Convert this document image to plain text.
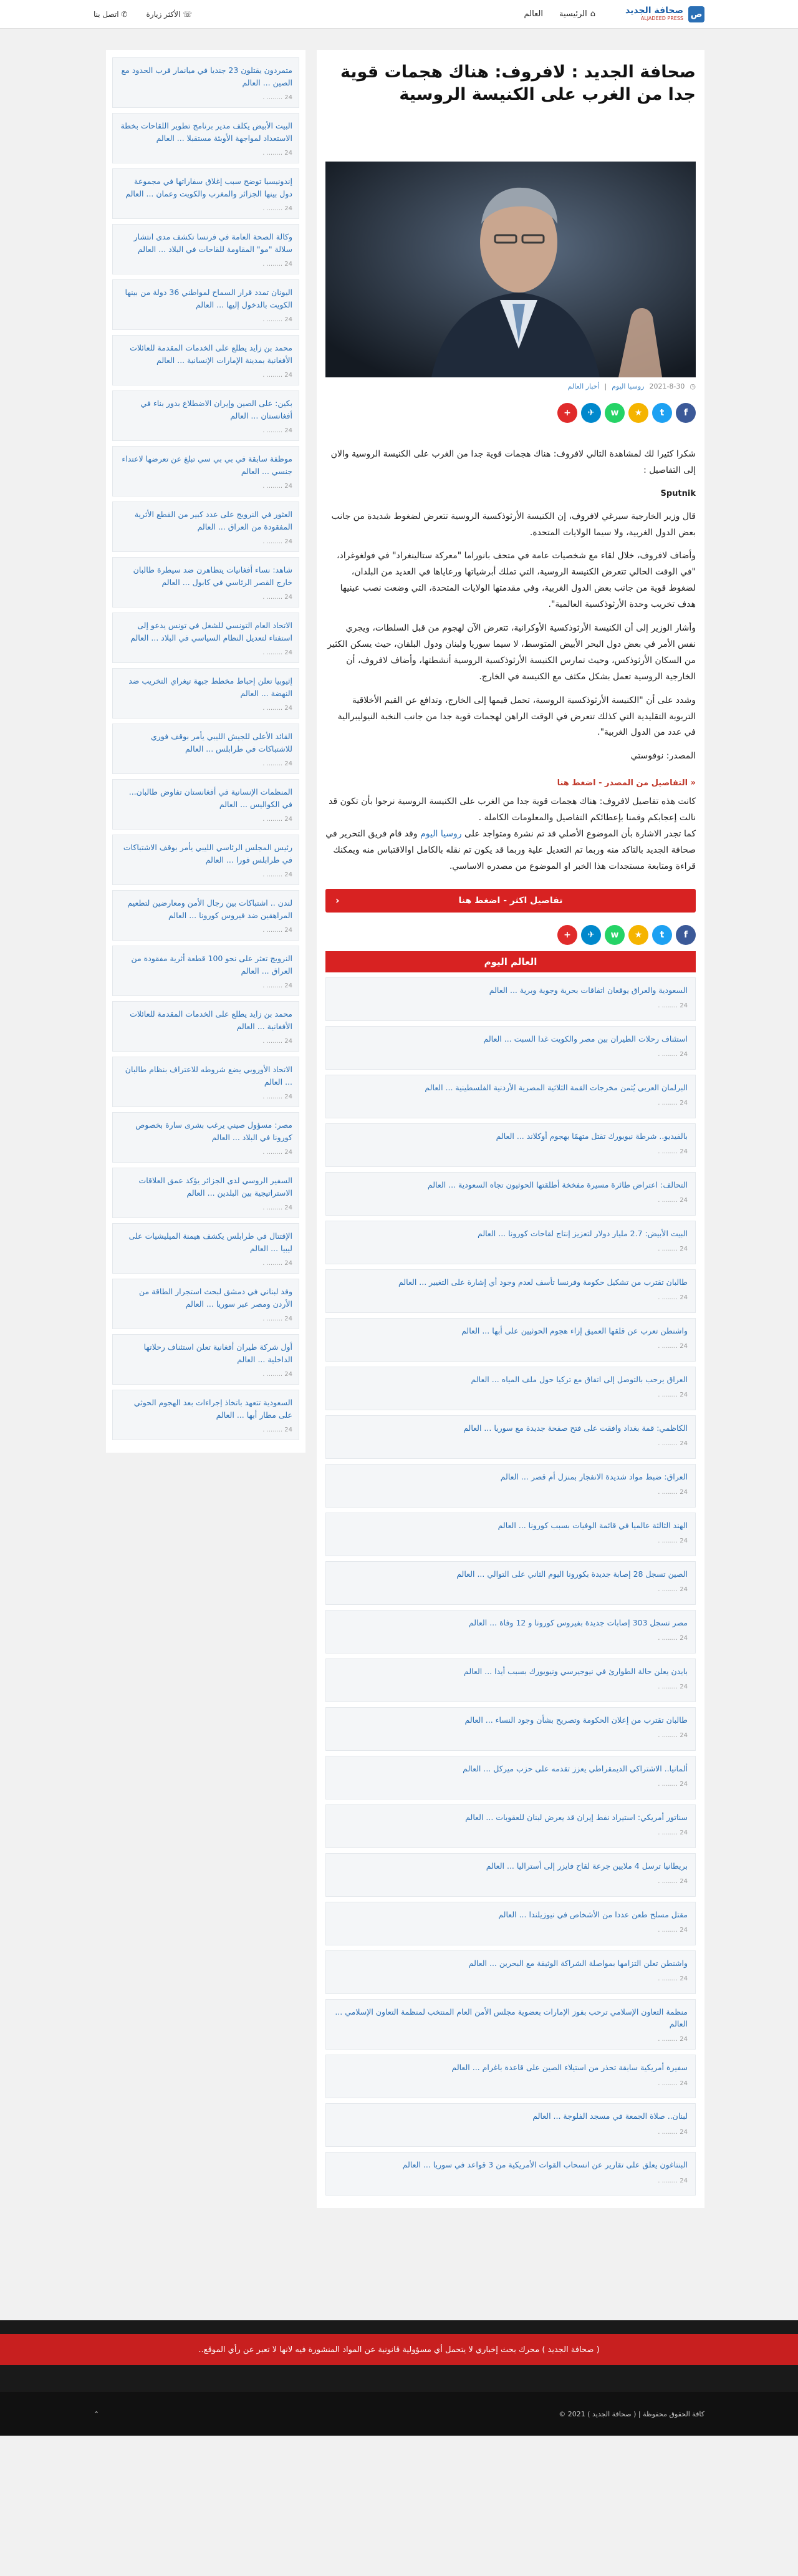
ص
صحافة الجديد
ALJADEED PRESS
⌂
الرئيسية
العالم
☏ الأكثر زيارة
✆ اتصل بنا
صحافة الجديد : لافروف: هناك هجمات قوية جدا من الغرب على الكنيسة الروسية
◷
2021-8-30
روسيا اليوم
|
أخبار العالم
f
t
★
w
✈
+

شكرا كثيرا لك لمشاهدة التالي لافروف: هناك هجمات قوية جدا من الغرب على الكنيسة الروسية والان إلى التفاصيل :

Sputnik

قال وزير الخارجية سيرغي لافروف، إن الكنيسة الأرثوذكسية الروسية تتعرض لضغوط شديدة من جانب بعض الدول الغربية، ولا سيما الولايات المتحدة.

وأضاف لافروف، خلال لقاء مع شخصيات عامة في متحف بانوراما "معركة ستالينغراد" في فولغوغراد، "في الوقت الحالي تتعرض الكنيسة الروسية، التي تملك أبرشياتها ورعاياها في العديد من البلدان، لضغوط قوية من جانب بعض الدول الغربية، وفي مقدمتها الولايات المتحدة، التي وضعت نصب عينيها هدف تخريب وحدة الأرثوذكسية العالمية".

وأشار الوزير إلى أن الكنيسة الأرثوذكسية الأوكرانية، تتعرض الآن لهجوم من قبل السلطات، ويجري نفس الأمر في بعض دول البحر الأبيض المتوسط، لا سيما سوريا ولبنان ودول البلقان، حيث يسكن الكثير من السكان الأرثوذكس، وحيث تمارس الكنيسة الأرثوذكسية الروسية أنشطتها، وأضاف لافروف، أن الخارجية الروسية تعمل بشكل مكثف مع الكنيسة في الخارج.

وشدد على أن "الكنيسة الأرثوذكسية الروسية، تحمل قيمها إلى الخارج، وتدافع عن القيم الأخلاقية التربوية التقليدية التي كذلك تتعرض في الوقت الراهن لهجمات قوية جدا من جانب النخبة النيوليبرالية في عدد من الدول الغربية".

المصدر: نوفوستي

« التفاصيل من المصدر - اضغط هنا

كانت هذه تفاصيل لافروف: هناك هجمات قوية جدا من الغرب على الكنيسة الروسية نرجوا بأن تكون قد نالت إعجابكم وقمنا بإعطائكم التفاصيل والمعلومات الكاملة .
كما تجدر الاشارة بأن الموضوع الأصلي قد تم نشرة ومتواجد على روسيا اليوم وقد قام فريق التحرير في صحافة الجديد بالتاكد منه وربما تم التعديل علية وربما قد يكون تم نقله بالكامل اوالاقتباس منه ويمكنك قراءة ومتابعة مستجدات هذا الخبر او الموضوع من مصدره الاساسي.

تفاصيل اكثر - اضغط هنا
‹
f
t
★
w
✈
+
العالم اليوم
السعودية والعراق يوقعان اتفاقات بحرية وجوية وبرية ... العالم
24 ........ .
استئناف رحلات الطيران بين مصر والكويت غدا السبت ... العالم
24 ........ .
البرلمان العربي يُثمن مخرجات القمة الثلاثية المصرية الأردنية الفلسطينية ... العالم
24 ........ .
بالفيديو.. شرطة نيويورك تقتل متهمًا بهجوم أوكلاند ... العالم
24 ........ .
التحالف: اعتراض طائرة مسيرة مفخخة أطلقتها الحوثيون تجاه السعودية ... العالم
24 ........ .
البيت الأبيض: 2.7 مليار دولار لتعزيز إنتاج لقاحات كورونا ... العالم
24 ........ .
طالبان تقترب من تشكيل حكومة وفرنسا تأسف لعدم وجود أي إشارة على التغيير ... العالم
24 ........ .
واشنطن تعرب عن قلقها العميق إزاء هجوم الحوثيين على أبها ... العالم
24 ........ .
العراق يرحب بالتوصل إلى اتفاق مع تركيا حول ملف المياه ... العالم
24 ........ .
الكاظمي: قمة بغداد وافقت على فتح صفحة جديدة مع سوريا ... العالم
24 ........ .
العراق: ضبط مواد شديدة الانفجار بمنزل أم قصر ... العالم
24 ........ .
الهند الثالثة عالميا في قائمة الوفيات بسبب كورونا ... العالم
24 ........ .
الصين تسجل 28 إصابة جديدة بكورونا اليوم الثاني على التوالي ... العالم
24 ........ .
مصر تسجل 303 إصابات جديدة بفيروس كورونا و 12 وفاة ... العالم
24 ........ .
بايدن يعلن حالة الطوارئ في نيوجيرسي ونيويورك بسبب أيدا ... العالم
24 ........ .
طالبان تقترب من إعلان الحكومة وتصريح بشأن وجود النساء ... العالم
24 ........ .
ألمانيا.. الاشتراكي الديمقراطي يعزز تقدمه على حزب ميركل ... العالم
24 ........ .
سناتور أمريكي: استيراد نفط إيران قد يعرض لبنان للعقوبات ... العالم
24 ........ .
بريطانيا ترسل 4 ملايين جرعة لقاح فايزر إلى أستراليا ... العالم
24 ........ .
مقتل مسلح طعن عددا من الأشخاص في نيوزيلندا ... العالم
24 ........ .
واشنطن تعلن التزامها بمواصلة الشراكة الوثيقة مع البحرين ... العالم
24 ........ .
منظمة التعاون الإسلامي ترحب بفوز الإمارات بعضوية مجلس الأمن العام المنتخب لمنظمة التعاون الإسلامي ... العالم
24 ........ .
سفيرة أمريكية سابقة تحذر من استيلاء الصين على قاعدة باغرام ... العالم
24 ........ .
لبنان.. صلاة الجمعة في مسجد الفلوجة ... العالم
24 ........ .
البنتاغون يعلق على تقارير عن انسحاب القوات الأمريكية من 3 قواعد في سوريا ... العالم
24 ........ .
متمردون يقتلون 23 جنديا في ميانمار قرب الحدود مع الصين ... العالم
24 ........ .
البيت الأبيض يكلف مدير برنامج تطوير اللقاحات بخطة الاستعداد لمواجهة الأوبئة مستقبلا ... العالم
24 ........ .
إندونيسيا توضح سبب إغلاق سفاراتها في مجموعة دول بينها الجزائر والمغرب والكويت وعمان ... العالم
24 ........ .
وكالة الصحة العامة في فرنسا تكشف مدى انتشار سلالة "مو" المقاومة للقاحات في البلاد ... العالم
24 ........ .
اليونان تمدد قرار السماح لمواطني 36 دولة من بينها الكويت بالدخول إليها ... العالم
24 ........ .
محمد بن زايد يطلع على الخدمات المقدمة للعائلات الأفغانية بمدينة الإمارات الإنسانية ... العالم
24 ........ .
بكين: على الصين وإيران الاضطلاع بدور بناء في أفغانستان ... العالم
24 ........ .
موظفة سابقة في بي بي سي تبلغ عن تعرضها لاعتداء جنسي ... العالم
24 ........ .
العثور في النرويج على عدد كبير من القطع الأثرية المفقودة من العراق ... العالم
24 ........ .
شاهد: نساء أفغانيات يتظاهرن ضد سيطرة طالبان خارج القصر الرئاسي في كابول ... العالم
24 ........ .
الاتحاد العام التونسي للشغل في تونس يدعو إلى استفتاء لتعديل النظام السياسي في البلاد ... العالم
24 ........ .
إثيوبيا تعلن إحباط مخطط جبهة تيغراي التخريب ضد النهضة ... العالم
24 ........ .
القائد الأعلى للجيش الليبي يأمر بوقف فوري للاشتباكات في طرابلس ... العالم
24 ........ .
المنظمات الإنسانية في أفغانستان تفاوض طالبان... في الكواليس ... العالم
24 ........ .
رئيس المجلس الرئاسي الليبي يأمر بوقف الاشتباكات في طرابلس فورا ... العالم
24 ........ .
لندن .. اشتباكات بين رجال الأمن ومعارضين لتطعيم المراهقين ضد فيروس كورونا ... العالم
24 ........ .
النرويج تعثر على نحو 100 قطعة أثرية مفقودة من العراق ... العالم
24 ........ .
محمد بن زايد يطلع على الخدمات المقدمة للعائلات الأفغانية ... العالم
24 ........ .
الاتحاد الأوروبي يضع شروطه للاعتراف بنظام طالبان ... العالم
24 ........ .
مصر: مسؤول صيني يرغب بشرى سارة بخصوص كورونا في البلاد ... العالم
24 ........ .
السفير الروسي لدى الجزائر يؤكد عمق العلاقات الاستراتيجية بين البلدين ... العالم
24 ........ .
الإقتتال في طرابلس يكشف هيمنة الميليشيات على ليبيا ... العالم
24 ........ .
وفد لبناني في دمشق لبحث استجرار الطاقة من الأردن ومصر عبر سوريا ... العالم
24 ........ .
أول شركة طيران أفغانية تعلن استئناف رحلاتها الداخلية ... العالم
24 ........ .
السعودية تتعهد باتخاذ إجراءات بعد الهجوم الحوثي على مطار أبها ... العالم
24 ........ .
( صحافة الجديد ) محرك بحث إخباري لا يتحمل أي مسؤولية قانونية عن المواد المنشورة فيه لانها لا تعبر عن رأي الموقع..
كافة الحقوق محفوظة | ( صحافة الجديد ) 2021 ©
⌃
